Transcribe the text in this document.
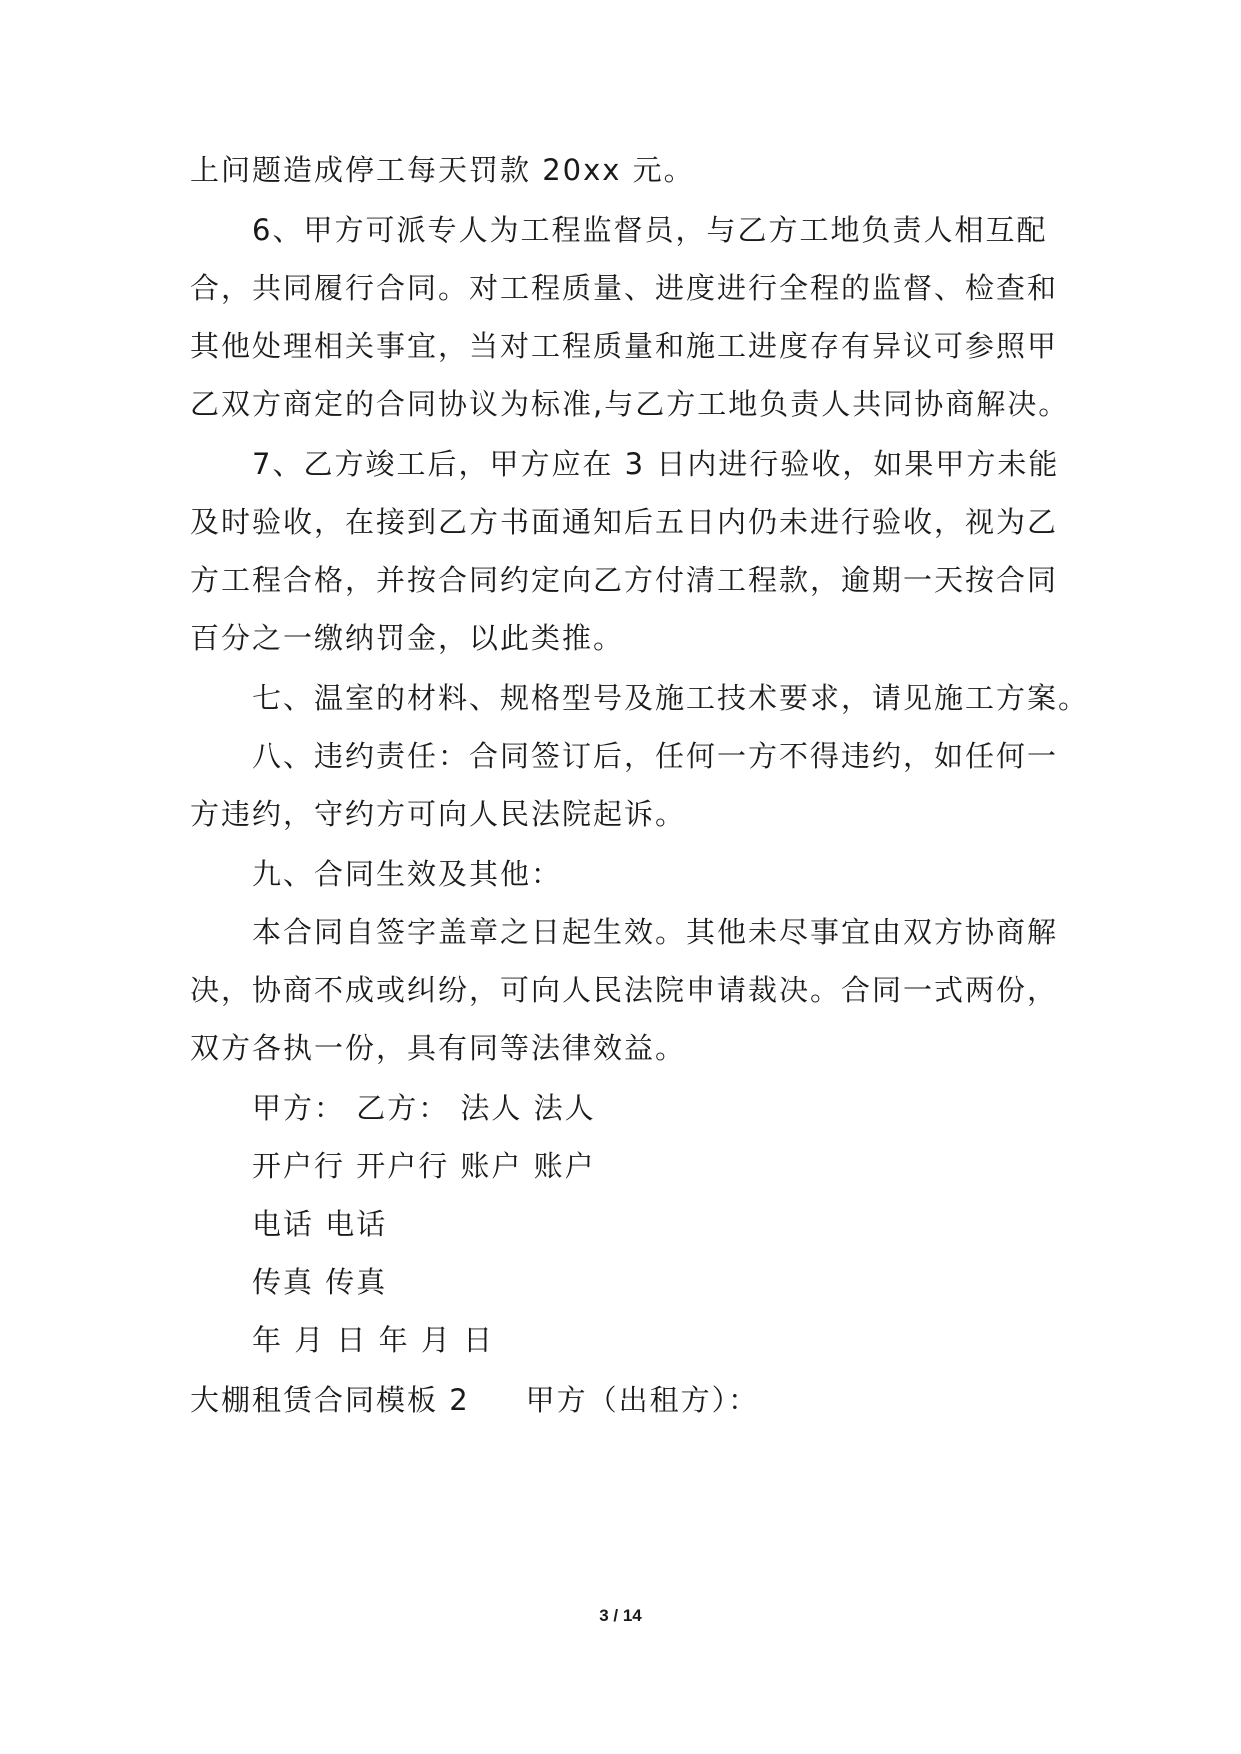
上问题造成停工每天罚款 20xx 元。

6、甲方可派专人为工程监督员，与乙方工地负责人相互配

合，共同履行合同。对工程质量、进度进行全程的监督、检查和

其他处理相关事宜，当对工程质量和施工进度存有异议可参照甲

乙双方商定的合同协议为标准,与乙方工地负责人共同协商解决。

7、乙方竣工后，甲方应在 3 日内进行验收，如果甲方未能

及时验收，在接到乙方书面通知后五日内仍未进行验收，视为乙

方工程合格，并按合同约定向乙方付清工程款，逾期一天按合同

百分之一缴纳罚金，以此类推。

七、温室的材料、规格型号及施工技术要求，请见施工方案。

八、违约责任：合同签订后，任何一方不得违约，如任何一

方违约，守约方可向人民法院起诉。

九、合同生效及其他：

本合同自签字盖章之日起生效。其他未尽事宜由双方协商解

决，协商不成或纠纷，可向人民法院申请裁决。合同一式两份，

双方各执一份，具有同等法律效益。

甲方： 乙方： 法人 法人

开户行 开户行 账户 账户

电话 电话

传真 传真

年 月 日 年 月 日

大棚租赁合同模板 2 甲方（出租方）：

3 / 14
